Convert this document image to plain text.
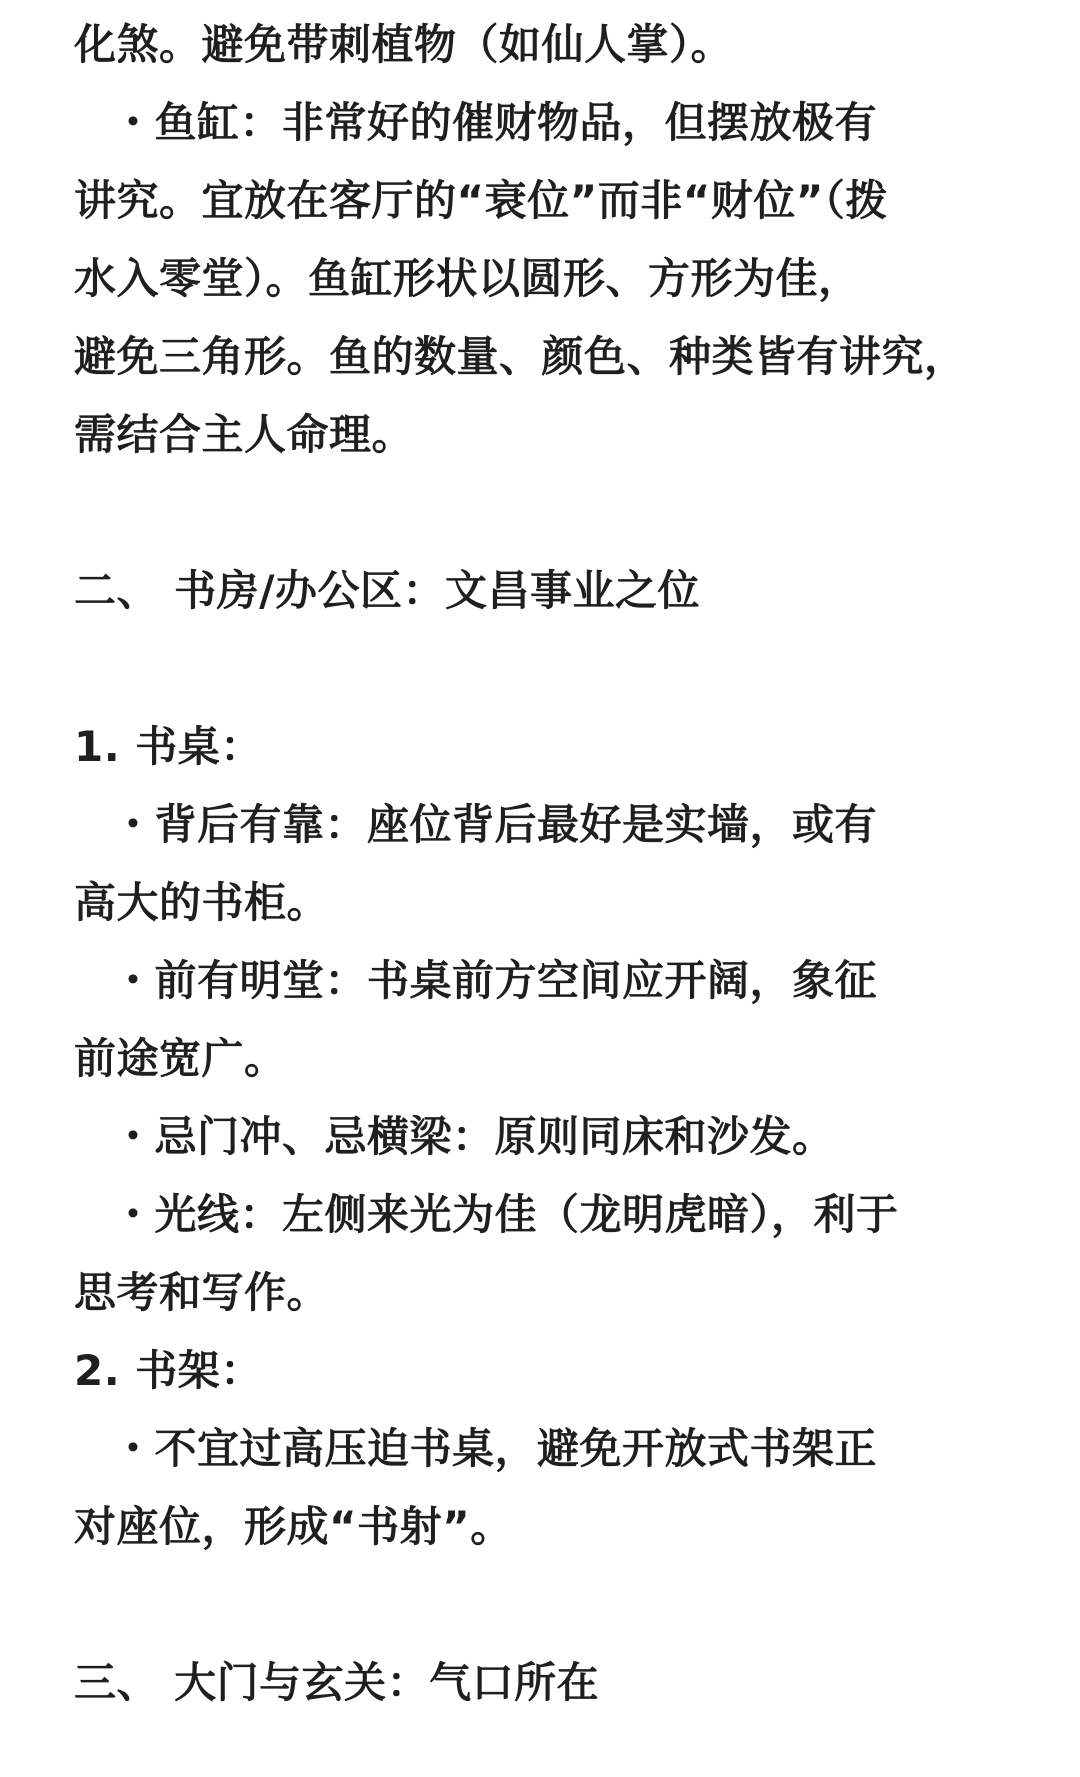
化煞。避免带刺植物（如仙人掌）。
・鱼缸：非常好的催财物品，但摆放极有
讲究。宜放在客厅的“衰位”而非“财位”（拨
水入零堂）。鱼缸形状以圆形、方形为佳，
避免三角形。鱼的数量、颜色、种类皆有讲究，
需结合主人命理。
二、 书房/办公区：文昌事业之位
1. 书桌：
・背后有靠：座位背后最好是实墙，或有
高大的书柜。
・前有明堂：书桌前方空间应开阔，象征
前途宽广。
・忌门冲、忌横梁：原则同床和沙发。
・光线：左侧来光为佳（龙明虎暗），利于
思考和写作。
2. 书架：
・不宜过高压迫书桌，避免开放式书架正
对座位，形成“书射”。
三、 大门与玄关：气口所在
